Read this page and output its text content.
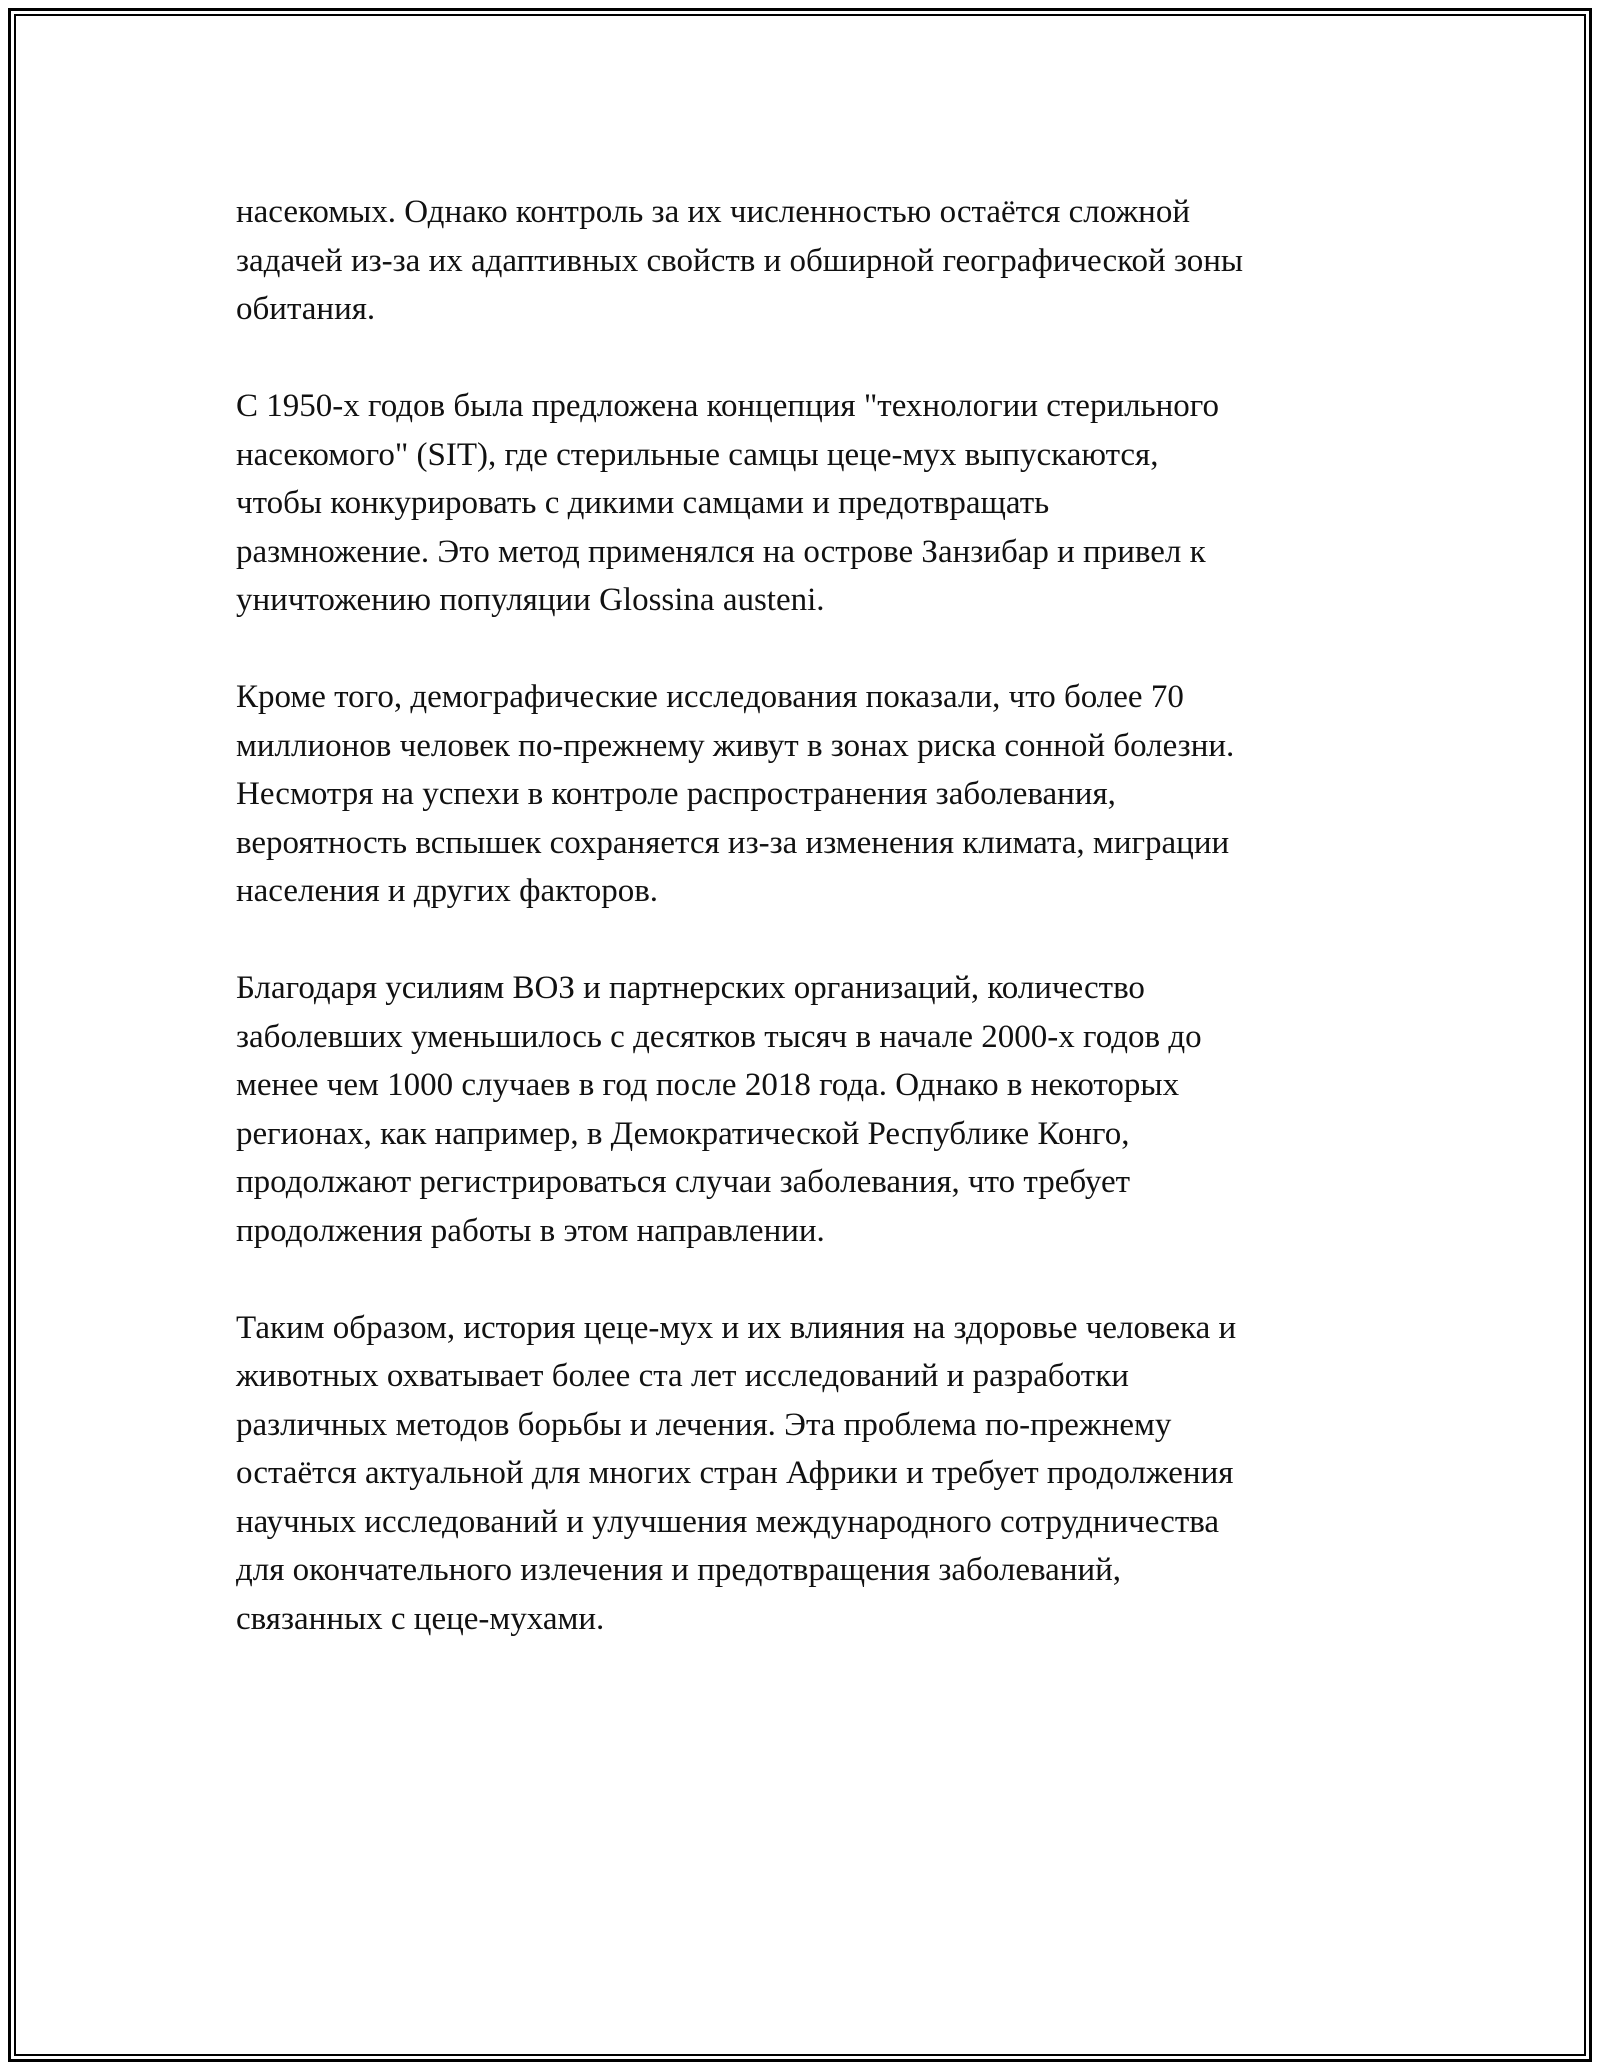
насекомых. Однако контроль за их численностью остаётся сложной
задачей из-за их адаптивных свойств и обширной географической зоны
обитания.

С 1950-х годов была предложена концепция "технологии стерильного
насекомого" (SIT), где стерильные самцы цеце-мух выпускаются,
чтобы конкурировать с дикими самцами и предотвращать
размножение. Это метод применялся на острове Занзибар и привел к
уничтожению популяции Glossina austeni.

Кроме того, демографические исследования показали, что более 70
миллионов человек по-прежнему живут в зонах риска сонной болезни.
Несмотря на успехи в контроле распространения заболевания,
вероятность вспышек сохраняется из-за изменения климата, миграции
населения и других факторов.

Благодаря усилиям ВОЗ и партнерских организаций, количество
заболевших уменьшилось с десятков тысяч в начале 2000-х годов до
менее чем 1000 случаев в год после 2018 года. Однако в некоторых
регионах, как например, в Демократической Республике Конго,
продолжают регистрироваться случаи заболевания, что требует
продолжения работы в этом направлении.

Таким образом, история цеце-мух и их влияния на здоровье человека и
животных охватывает более ста лет исследований и разработки
различных методов борьбы и лечения. Эта проблема по-прежнему
остаётся актуальной для многих стран Африки и требует продолжения
научных исследований и улучшения международного сотрудничества
для окончательного излечения и предотвращения заболеваний,
связанных с цеце-мухами.
